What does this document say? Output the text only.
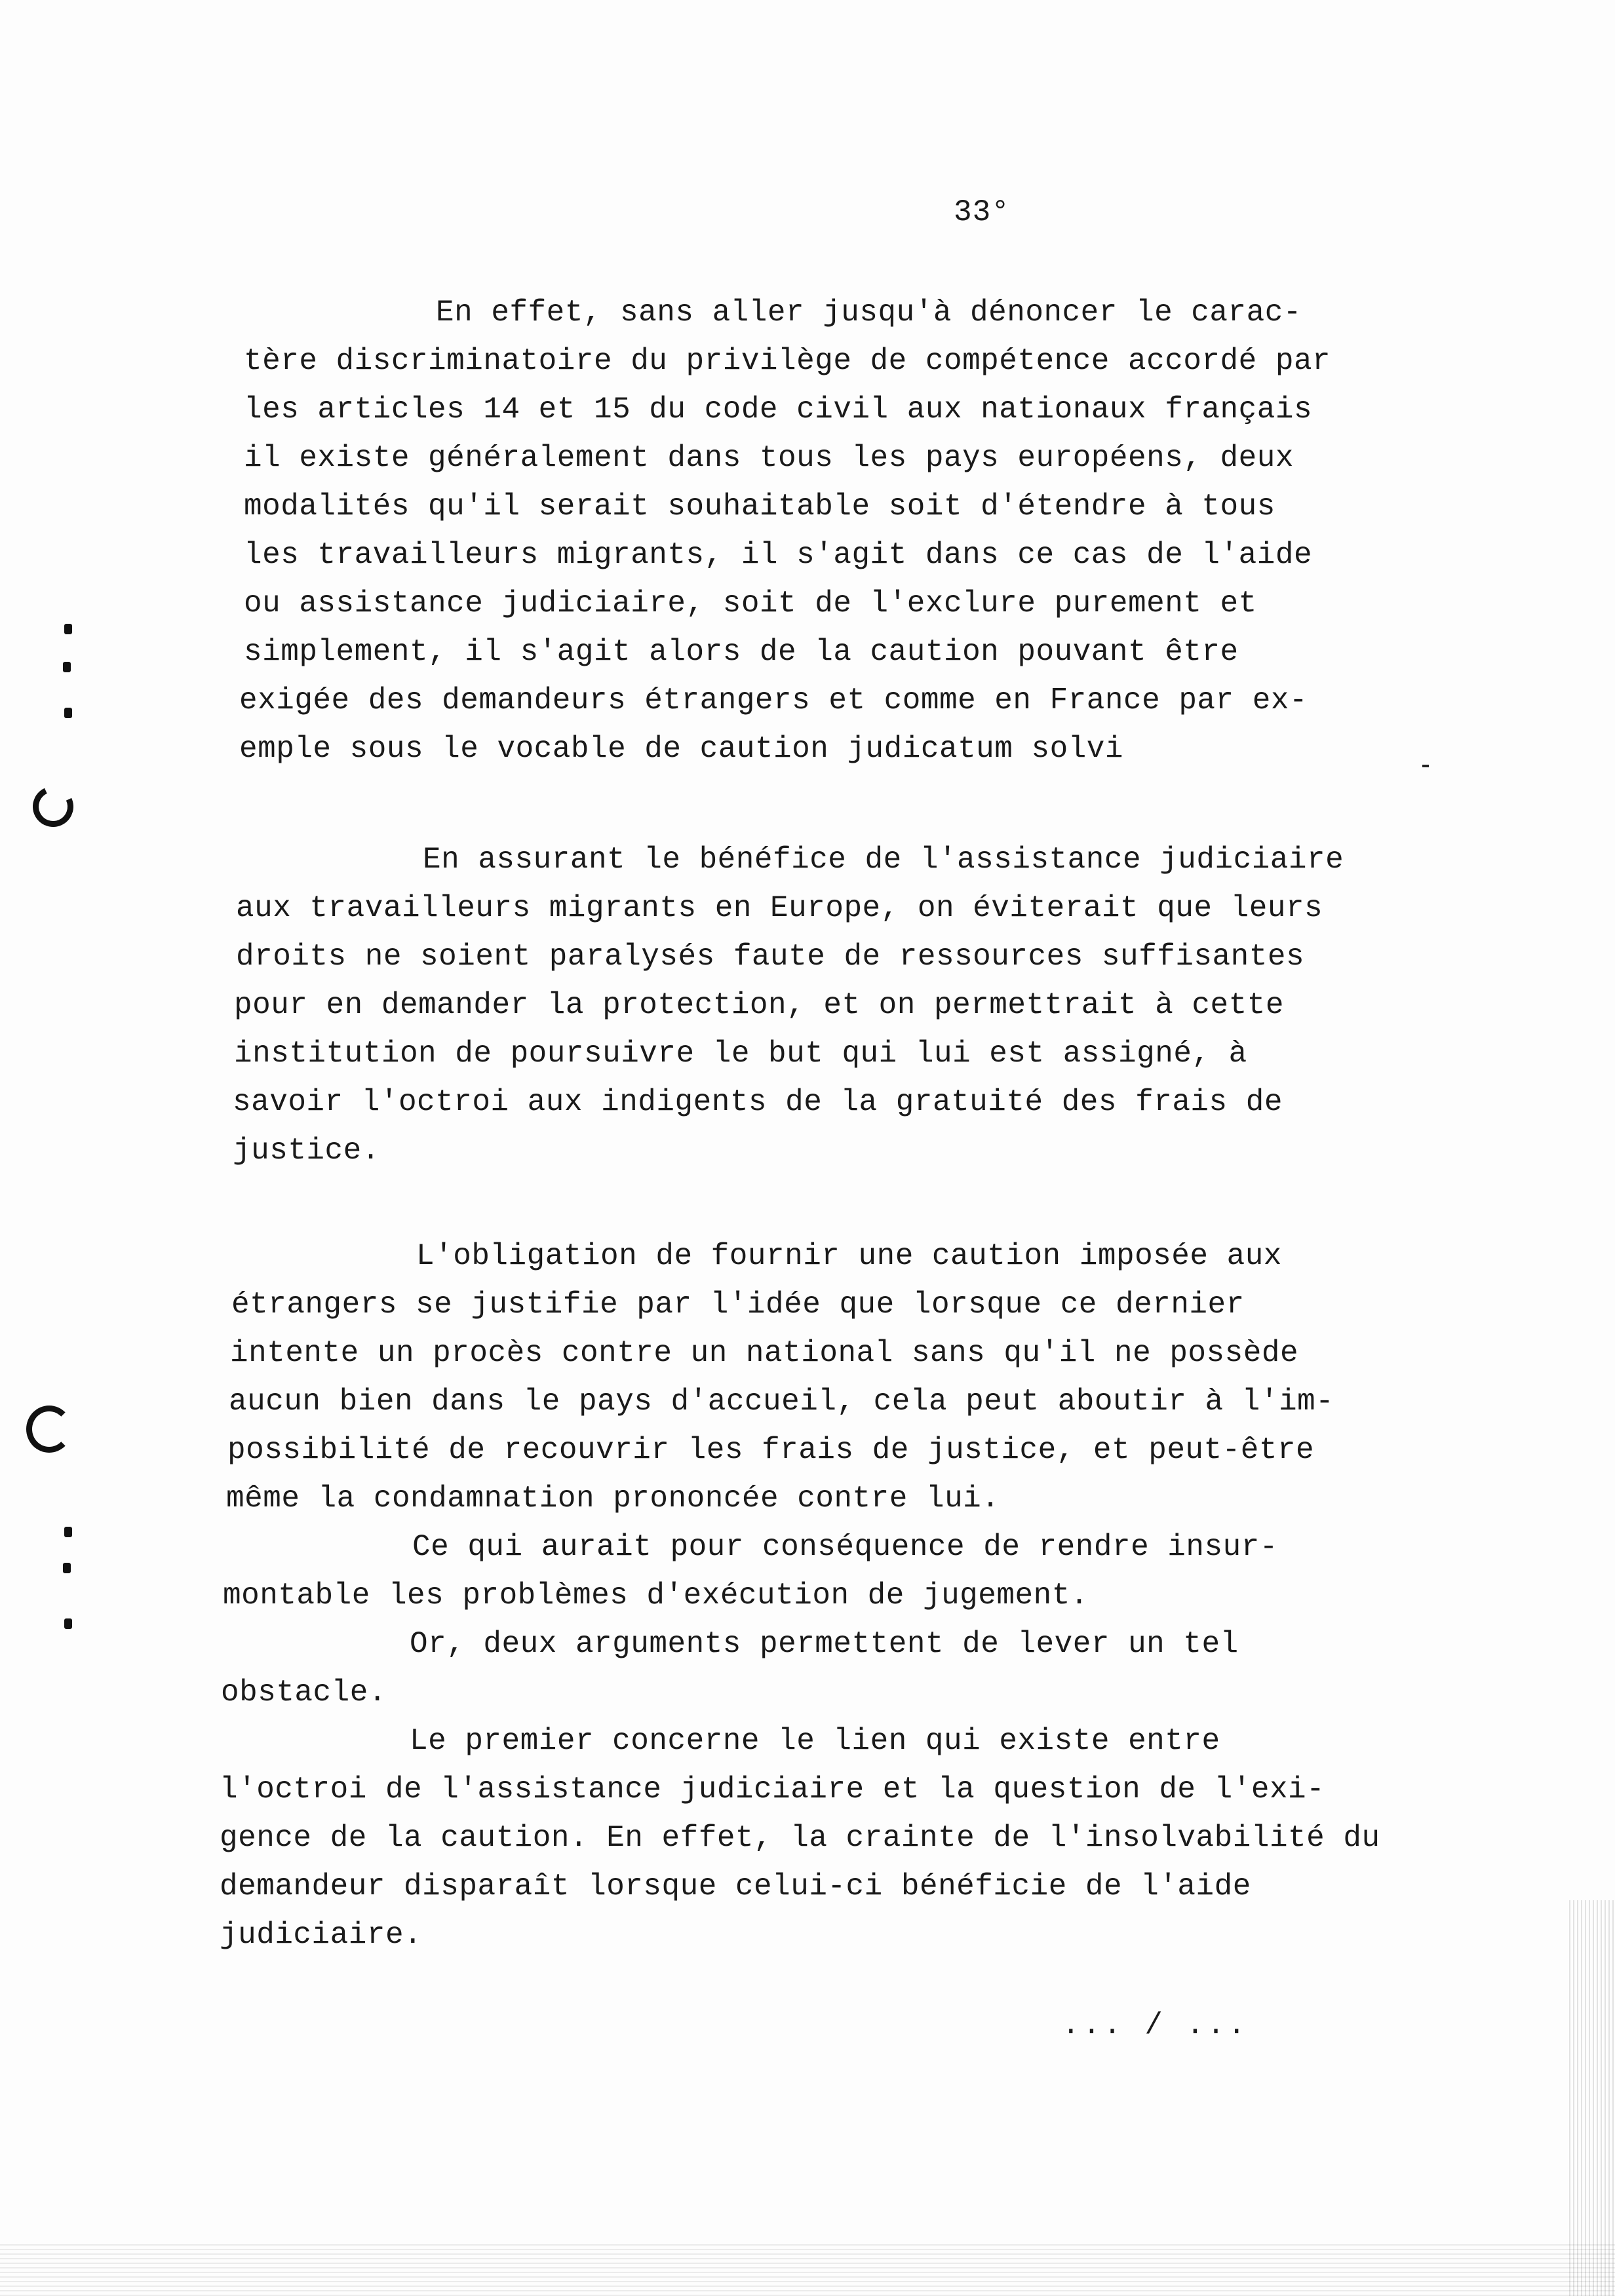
33°
En effet, sans aller jusqu'à dénoncer le carac-
tère discriminatoire du privilège de compétence accordé par
les articles 14 et 15 du code civil aux nationaux français
il existe généralement dans tous les pays européens, deux
modalités qu'il serait souhaitable soit d'étendre à tous
les travailleurs migrants, il s'agit dans ce cas de l'aide
ou assistance judiciaire, soit de l'exclure purement et
simplement, il s'agit alors de la caution pouvant être
exigée des demandeurs étrangers et comme en France par ex-
emple sous le vocable de caution judicatum solvi
En assurant le bénéfice de l'assistance judiciaire
aux travailleurs migrants en Europe, on éviterait que leurs
droits ne soient paralysés faute de ressources suffisantes
pour en demander la protection, et on permettrait à cette
institution de poursuivre le but qui lui est assigné, à
savoir l'octroi aux indigents de la gratuité des frais de
justice.
L'obligation de fournir une caution imposée aux
étrangers se justifie par l'idée que lorsque ce dernier
intente un procès contre un national sans qu'il ne possède
aucun bien dans le pays d'accueil, cela peut aboutir à l'im-
possibilité de recouvrir les frais de justice, et peut-être
même la condamnation prononcée contre lui.
Ce qui aurait pour conséquence de rendre insur-
montable les problèmes d'exécution de jugement.
Or, deux arguments permettent de lever un tel
obstacle.
Le premier concerne le lien qui existe entre
l'octroi de l'assistance judiciaire et la question de l'exi-
gence de la caution. En effet, la crainte de l'insolvabilité du
demandeur disparaît lorsque celui-ci bénéficie de l'aide
judiciaire.
... / ...
